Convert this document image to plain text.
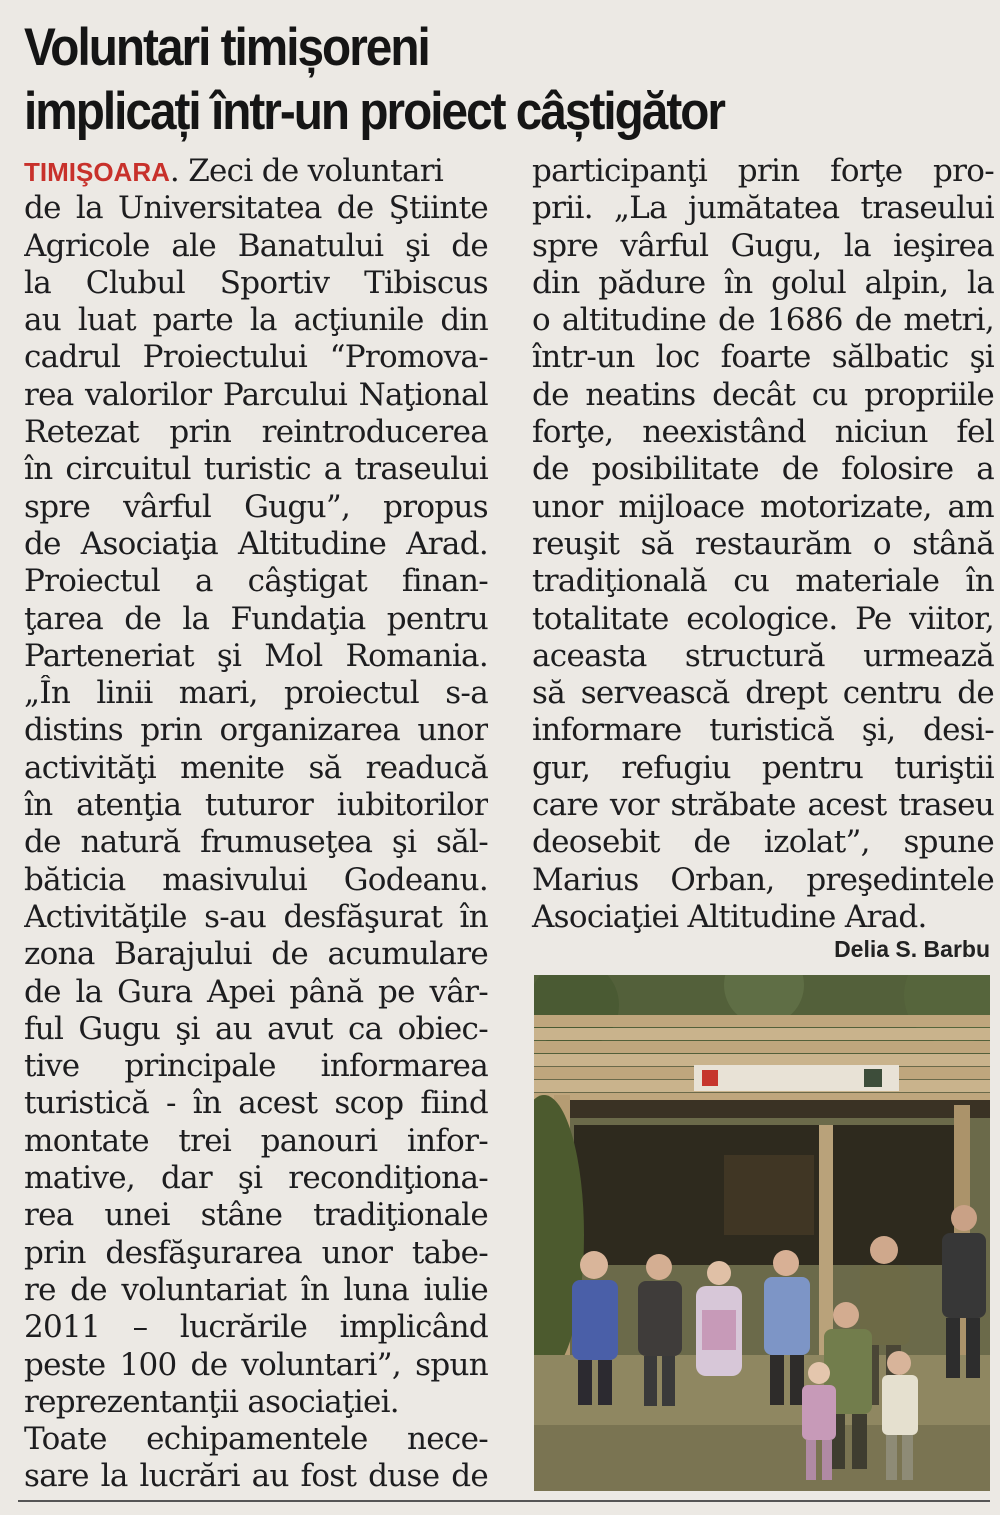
Voluntari timișoreni
implicați într-un proiect câștigător
TIMIŞOARA. Zeci de voluntari
de la Universitatea de Ştiinte
Agricole ale Banatului şi de
la Clubul Sportiv Tibiscus
au luat parte la acţiunile din
cadrul Proiectului “Promova-
rea valorilor Parcului Naţional
Retezat prin reintroducerea
în circuitul turistic a traseului
spre vârful Gugu”, propus
de Asociaţia Altitudine Arad.
Proiectul a câştigat finan-
ţarea de la Fundaţia pentru
Parteneriat şi Mol Romania.
„În linii mari, proiectul s-a
distins prin organizarea unor
activităţi menite să readucă
în atenţia tuturor iubitorilor
de natură frumuseţea şi săl-
băticia masivului Godeanu.
Activităţile s-au desfăşurat în
zona Barajului de acumulare
de la Gura Apei până pe vâr-
ful Gugu şi au avut ca obiec-
tive principale informarea
turistică - în acest scop fiind
montate trei panouri infor-
mative, dar şi recondiţiona-
rea unei stâne tradiţionale
prin desfăşurarea unor tabe-
re de voluntariat în luna iulie
2011 – lucrările implicând
peste 100 de voluntari”, spun
reprezentanţii asociaţiei.
Toate echipamentele nece-
sare la lucrări au fost duse de
participanţi prin forţe pro-
prii. „La jumătatea traseului
spre vârful Gugu, la ieşirea
din pădure în golul alpin, la
o altitudine de 1686 de metri,
într-un loc foarte sălbatic şi
de neatins decât cu propriile
forţe, neexistând niciun fel
de posibilitate de folosire a
unor mijloace motorizate, am
reuşit să restaurăm o stână
tradiţională cu materiale în
totalitate ecologice. Pe viitor,
aceasta structură urmează
să servească drept centru de
informare turistică şi, desi-
gur, refugiu pentru turiştii
care vor străbate acest traseu
deosebit de izolat”, spune
Marius Orban, preşedintele
Asociaţiei Altitudine Arad.

Delia S. Barbu
